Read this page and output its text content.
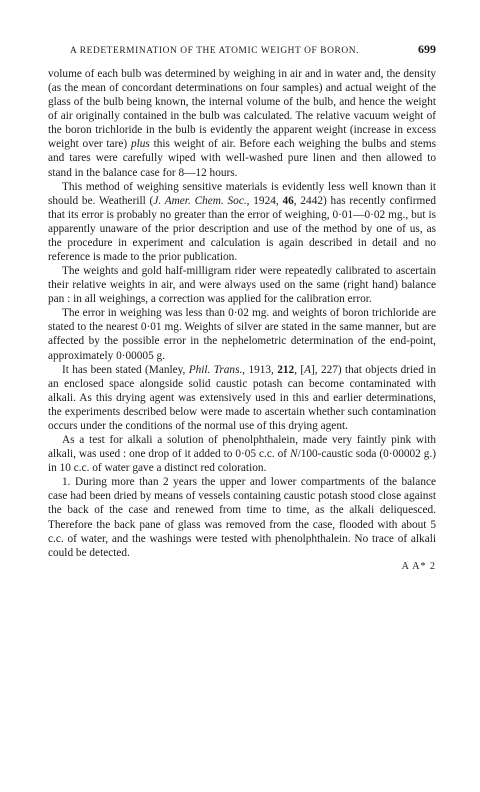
A REDETERMINATION OF THE ATOMIC WEIGHT OF BORON.	699

volume of each bulb was determined by weighing in air and in water and, the density (as the mean of concordant determinations on four samples) and actual weight of the glass of the bulb being known, the internal volume of the bulb, and hence the weight of air originally contained in the bulb was calculated. The relative vacuum weight of the boron trichloride in the bulb is evidently the apparent weight (increase in excess weight over tare) plus this weight of air. Before each weighing the bulbs and stems and tares were carefully wiped with well-washed pure linen and then allowed to stand in the balance case for 8—12 hours.

This method of weighing sensitive materials is evidently less well known than it should be. Weatherill (J. Amer. Chem. Soc., 1924, 46, 2442) has recently confirmed that its error is probably no greater than the error of weighing, 0·01—0·02 mg., but is apparently unaware of the prior description and use of the method by one of us, as the procedure in experiment and calculation is again described in detail and no reference is made to the prior publication.

The weights and gold half-milligram rider were repeatedly calibrated to ascertain their relative weights in air, and were always used on the same (right hand) balance pan : in all weighings, a correction was applied for the calibration error.

The error in weighing was less than 0·02 mg. and weights of boron trichloride are stated to the nearest 0·01 mg. Weights of silver are stated in the same manner, but are affected by the possible error in the nephelometric determination of the end-point, approximately 0·00005 g.

It has been stated (Manley, Phil. Trans., 1913, 212, [A], 227) that objects dried in an enclosed space alongside solid caustic potash can become contaminated with alkali. As this drying agent was extensively used in this and earlier determinations, the experiments described below were made to ascertain whether such contamination occurs under the conditions of the normal use of this drying agent.

As a test for alkali a solution of phenolphthalein, made very faintly pink with alkali, was used : one drop of it added to 0·05 c.c. of N/100-caustic soda (0·00002 g.) in 10 c.c. of water gave a distinct red coloration.

1. During more than 2 years the upper and lower compartments of the balance case had been dried by means of vessels containing caustic potash stood close against the back of the case and renewed from time to time, as the alkali deliquesced. Therefore the back pane of glass was removed from the case, flooded with about 5 c.c. of water, and the washings were tested with phenolphthalein. No trace of alkali could be detected.

A A* 2
